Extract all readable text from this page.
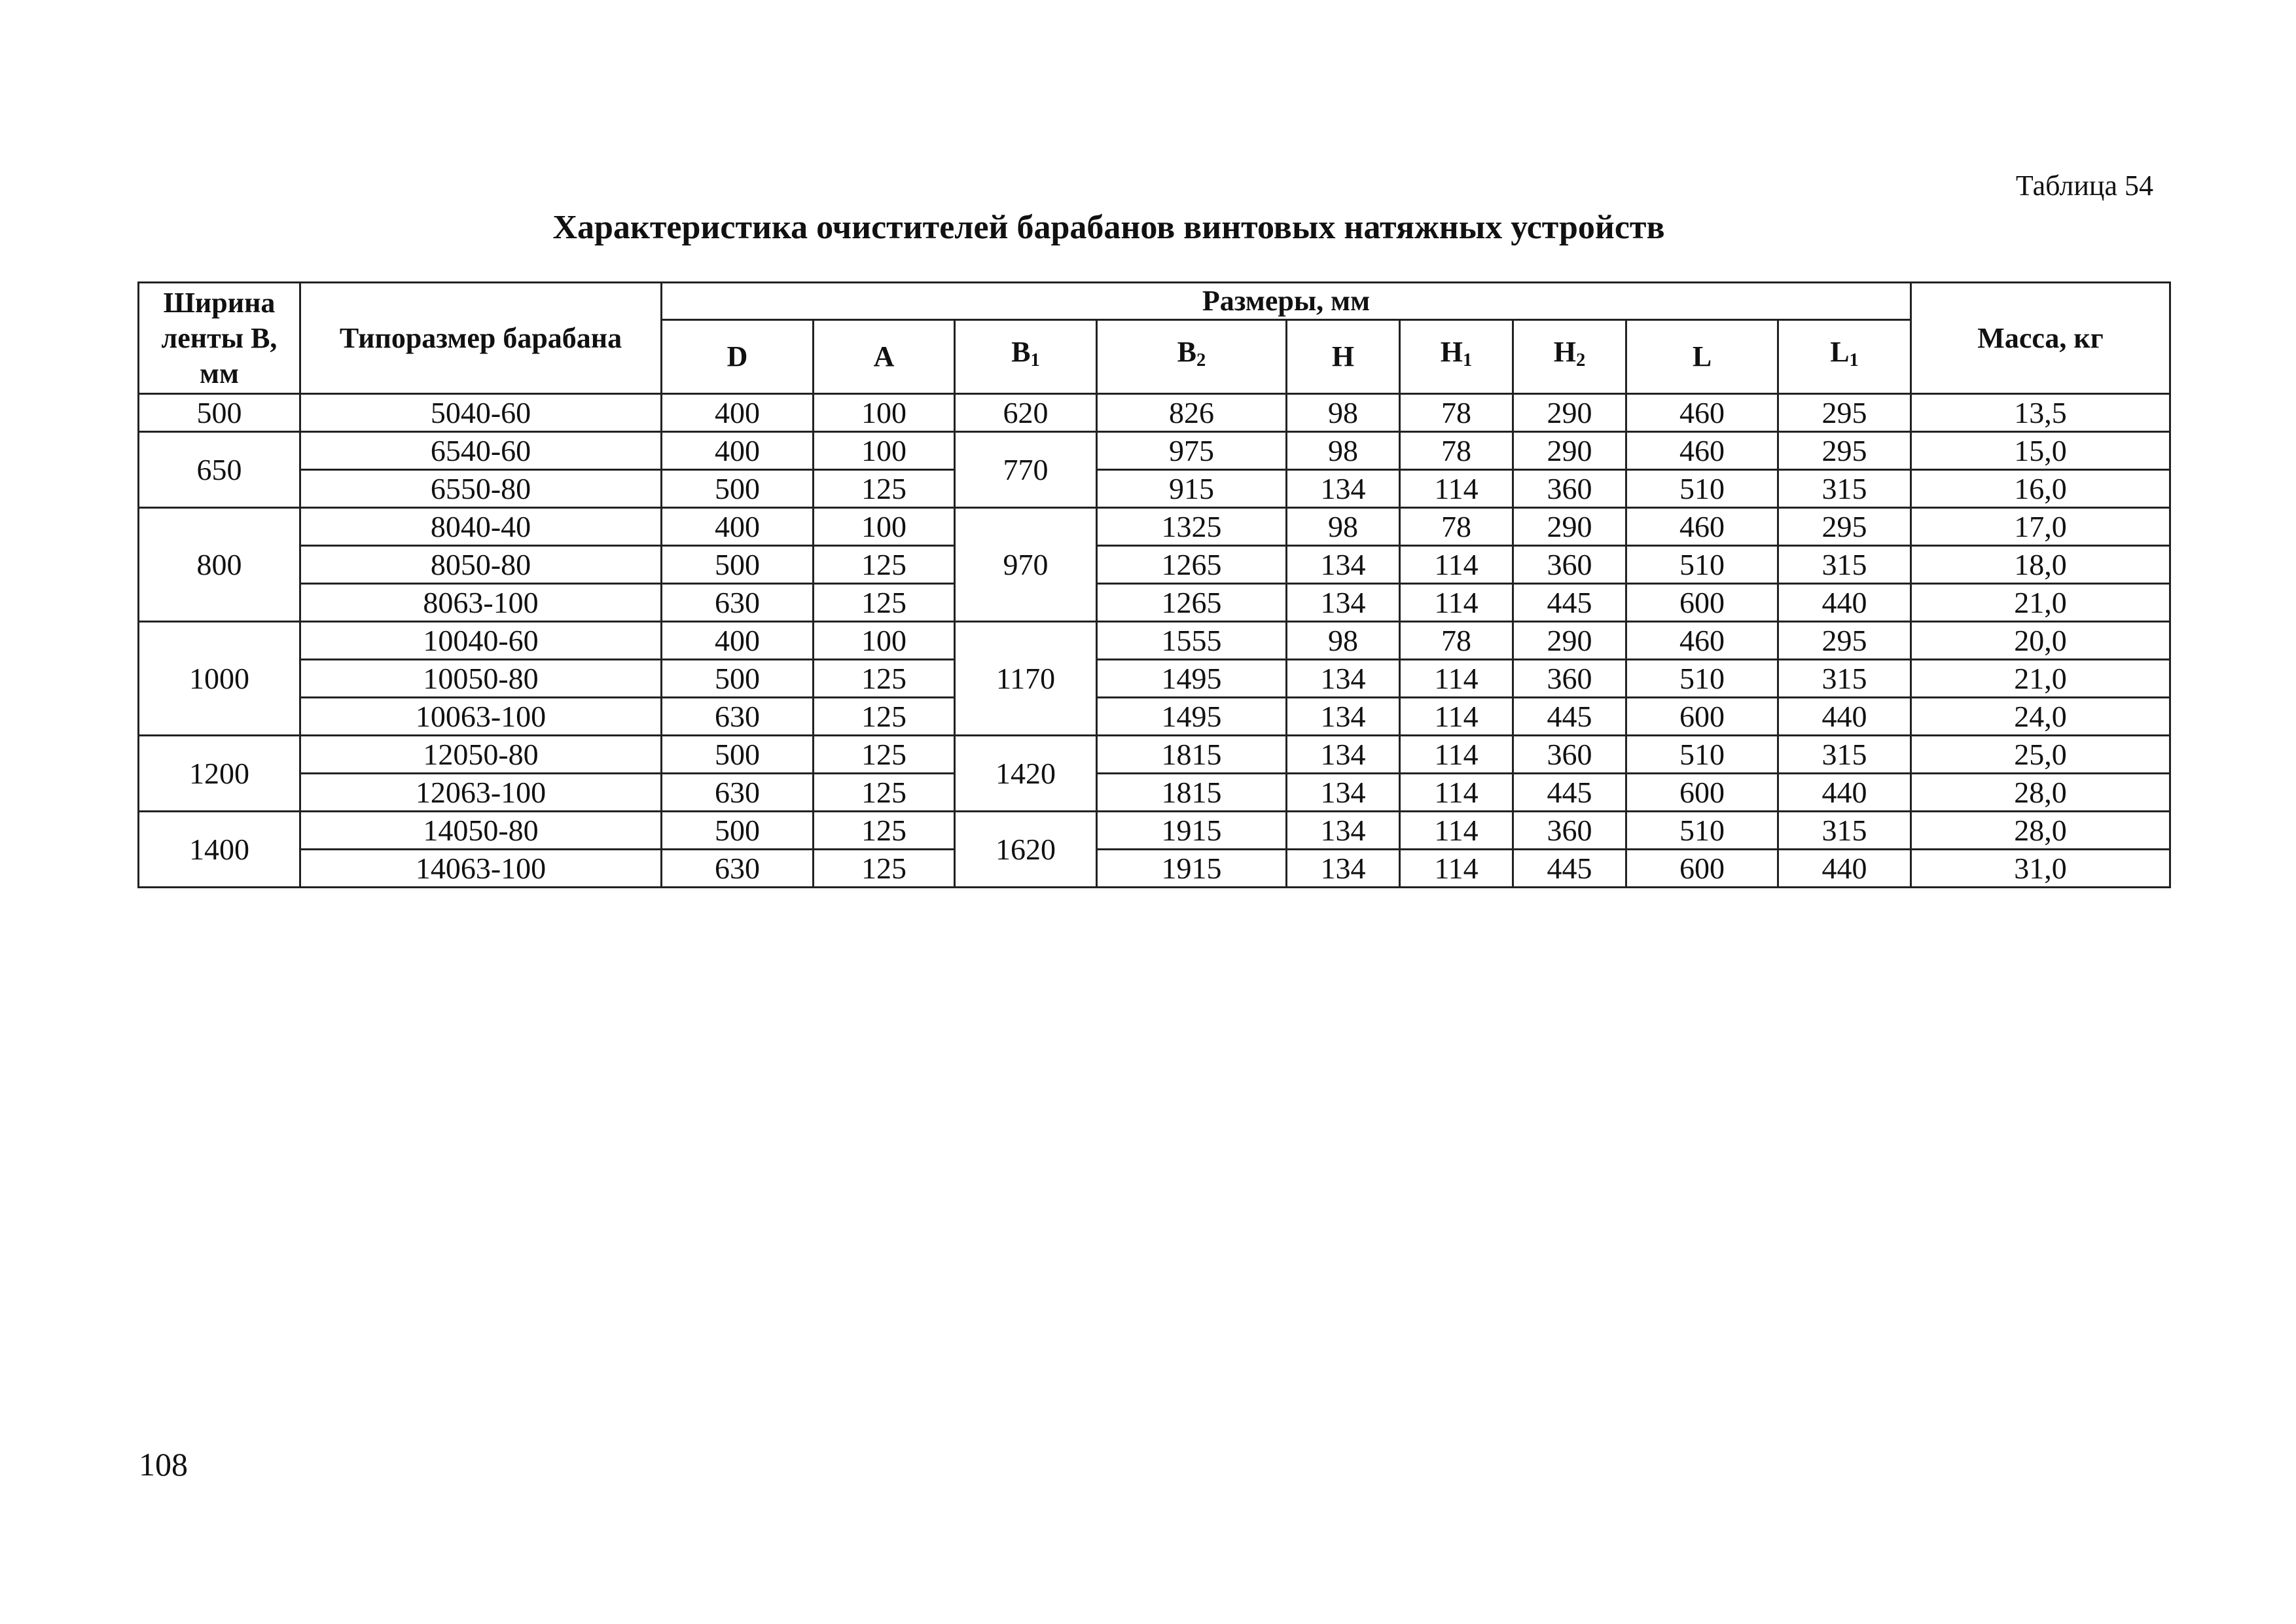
Таблица 54
Характеристика очистителей барабанов винтовых натяжных устройств
Ширина ленты В, мм	Типоразмер барабана	Размеры, мм									Масса, кг
		D	A	$B_1$	$B_2$	H	$H_1$	$H_2$	L	$L_1$
500	5040-60	400	100	620	826	98	78	290	460	295	13,5
650	6540-60	400	100	770	975	98	78	290	460	295	15,0
	6550-80	500	125		915	134	114	360	510	315	16,0
800	8040-40	400	100	970	1325	98	78	290	460	295	17,0
	8050-80	500	125		1265	134	114	360	510	315	18,0
	8063-100	630	125		1265	134	114	445	600	440	21,0
1000	10040-60	400	100	1170	1555	98	78	290	460	295	20,0
	10050-80	500	125		1495	134	114	360	510	315	21,0
	10063-100	630	125		1495	134	114	445	600	440	24,0
1200	12050-80	500	125	1420	1815	134	114	360	510	315	25,0
	12063-100	630	125		1815	134	114	445	600	440	28,0
1400	14050-80	500	125	1620	1915	134	114	360	510	315	28,0
	14063-100	630	125		1915	134	114	445	600	440	31,0
108
